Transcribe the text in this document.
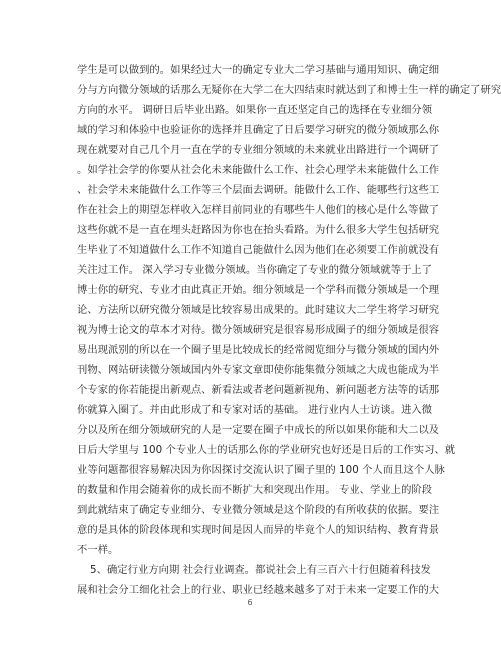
学生是可以做到的。如果经过大一的确定专业大二学习基础与通用知识、确定细
分与方向微分领域的话那么无疑你在大学二在大四结束时就达到了和博士生一样的确定了研究
方向的水平。 调研日后毕业出路。如果你一直还坚定自己的选择在专业细分领
域的学习和体验中也验证你的选择并且确定了日后要学习研究的微分领域那么你
现在就要对自己几个月一直在学的专业细分领域的未来就业出路进行一个调研了
。如学社会学的你要从社会化未来能做什么工作、社会心理学未来能做什么工作
、社会学未来能做什么工作等三个层面去调研。能做什么工作、能哪些行这些工
作在社会上的期望怎样收入怎样目前同业的有哪些牛人他们的核心是什么等做了
这些你就不是一直在埋头赶路因为你也在抬头看路。为什么很多大学生包括研究
生毕业了不知道做什么工作不知道自己能做什么因为他们在必须要工作前就没有
关注过工作。 深入学习专业微分领域。当你确定了专业的微分领域就等于上了
博士你的研究、专业才由此真正开始。细分领域是一个学科而微分领域是一个理
论、方法所以研究微分领域是比较容易出成果的。此时建议大二学生将学习研究
视为博士论文的草本才对待。微分领域研究是很容易形成圈子的细分领域是很容
易出现派别的所以在一个圈子里是比较成长的经常阅览细分与微分领域的国内外
刊物、网站研读微分领域国内外专家文章即使你能集微分领域之大成也能成为半
个专家的你若能提出新观点、新看法或者老问题新视角、新问题老方法等的话那
你就算入圈了。并由此形成了和专家对话的基础。 进行业内人士访谈。进入微
分以及所在细分领域研究的人是一定要在圈子中成长的所以如果你能和大二以及
日后大学里与 100 个专业人士的话那么你的学业研究也好还是日后的工作实习、就
业等问题都很容易解决因为你因探讨交流认识了圈子里的 100 个人而且这个人脉
的数量和作用会随着你的成长而不断扩大和突现出作用。 专业、学业上的阶段
到此就结束了确定专业细分、专业微分领域是这个阶段的有所收获的依据。要注
意的是具体的阶段体现和实现时间是因人而异的毕竟个人的知识结构、教育背景
不一样。
5、确定行业方向期 社会行业调查。都说社会上有三百六十行但随着科技发
展和社会分工细化社会上的行业、职业已经越来越多了对于未来一定要工作的大
6
